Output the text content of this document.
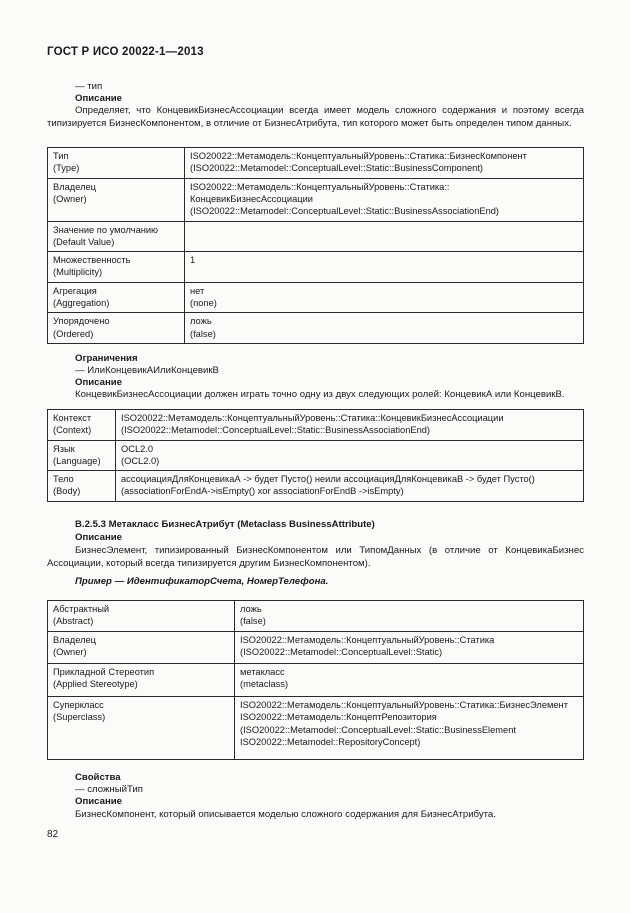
ГОСТ Р ИСО 20022-1—2013
— тип
Описание
Определяет, что КонцевикБизнесАссоциации всегда имеет модель сложного содержания и поэтому всегда типизируется БизнесКомпонентом, в отличие от БизнесАтрибута, тип которого может быть определен типом данных.
Тип
(Type)	ISO20022::Метамодель::КонцептуальныйУровень::Статика::БизнесКомпонент
(ISO20022::Metamodel::ConceptualLevel::Static::BusinessComponent)

Владелец
(Owner)	ISO20022::Метамодель::КонцептуальныйУровень::Статика::
КонцевикБизнесАссоциации
(ISO20022::Metamodel::ConceptualLevel::Static::BusinessAssociationEnd)

Значение по умолчанию
(Default Value)	

Множественность
(Multiplicity)	1

Агрегация
(Aggregation)	нет
(none)

Упорядочено
(Ordered)	ложь
(false)
Ограничения
— ИлиКонцевикАИлиКонцевикВ
Описание
КонцевикБизнесАссоциации должен играть точно одну из двух следующих ролей: КонцевикА или КонцевикВ.
Контекст
(Context)	ISO20022::Метамодель::КонцептуальныйУровень::Статика::КонцевикБизнесАссоциации
(ISO20022::Metamodel::ConceptualLevel::Static::BusinessAssociationEnd)

Язык
(Language)	OCL2.0
(OCL2.0)

Тело
(Body)	ассоциацияДляКонцевикаА -> будет Пусто() неили ассоциацияДляКонцевикаВ -> будет Пусто()
(associationForEndA->isEmpty() xor associationForEndB ->isEmpty)
В.2.5.3 Метакласс БизнесАтрибут (Metaclass BusinessAttribute)
Описание
БизнесЭлемент, типизированный БизнесКомпонентом или ТипомДанных (в отличие от КонцевикаБизнес Ассоциации, который всегда типизируется другим БизнесКомпонентом).
Пример — ИдентификаторСчета, НомерТелефона.
Абстрактный
(Abstract)	ложь
(false)

Владелец
(Owner)	ISO20022::Метамодель::КонцептуальныйУровень::Статика
(ISO20022::Metamodel::ConceptualLevel::Static)

Прикладной Стереотип
(Applied Stereotype)	метакласс
(metaclass)

Суперкласс
(Superclass)	ISO20022::Метамодель::КонцептуальныйУровень::Статика::БизнесЭлемент
ISO20022::Метамодель::КонцептРепозитория
(ISO20022::Metamodel::ConceptualLevel::Static::BusinessElement
ISO20022::Metamodel::RepositoryConcept)
Свойства
— сложныйТип
Описание
БизнесКомпонент, который описывается моделью сложного содержания для БизнесАтрибута.
82
